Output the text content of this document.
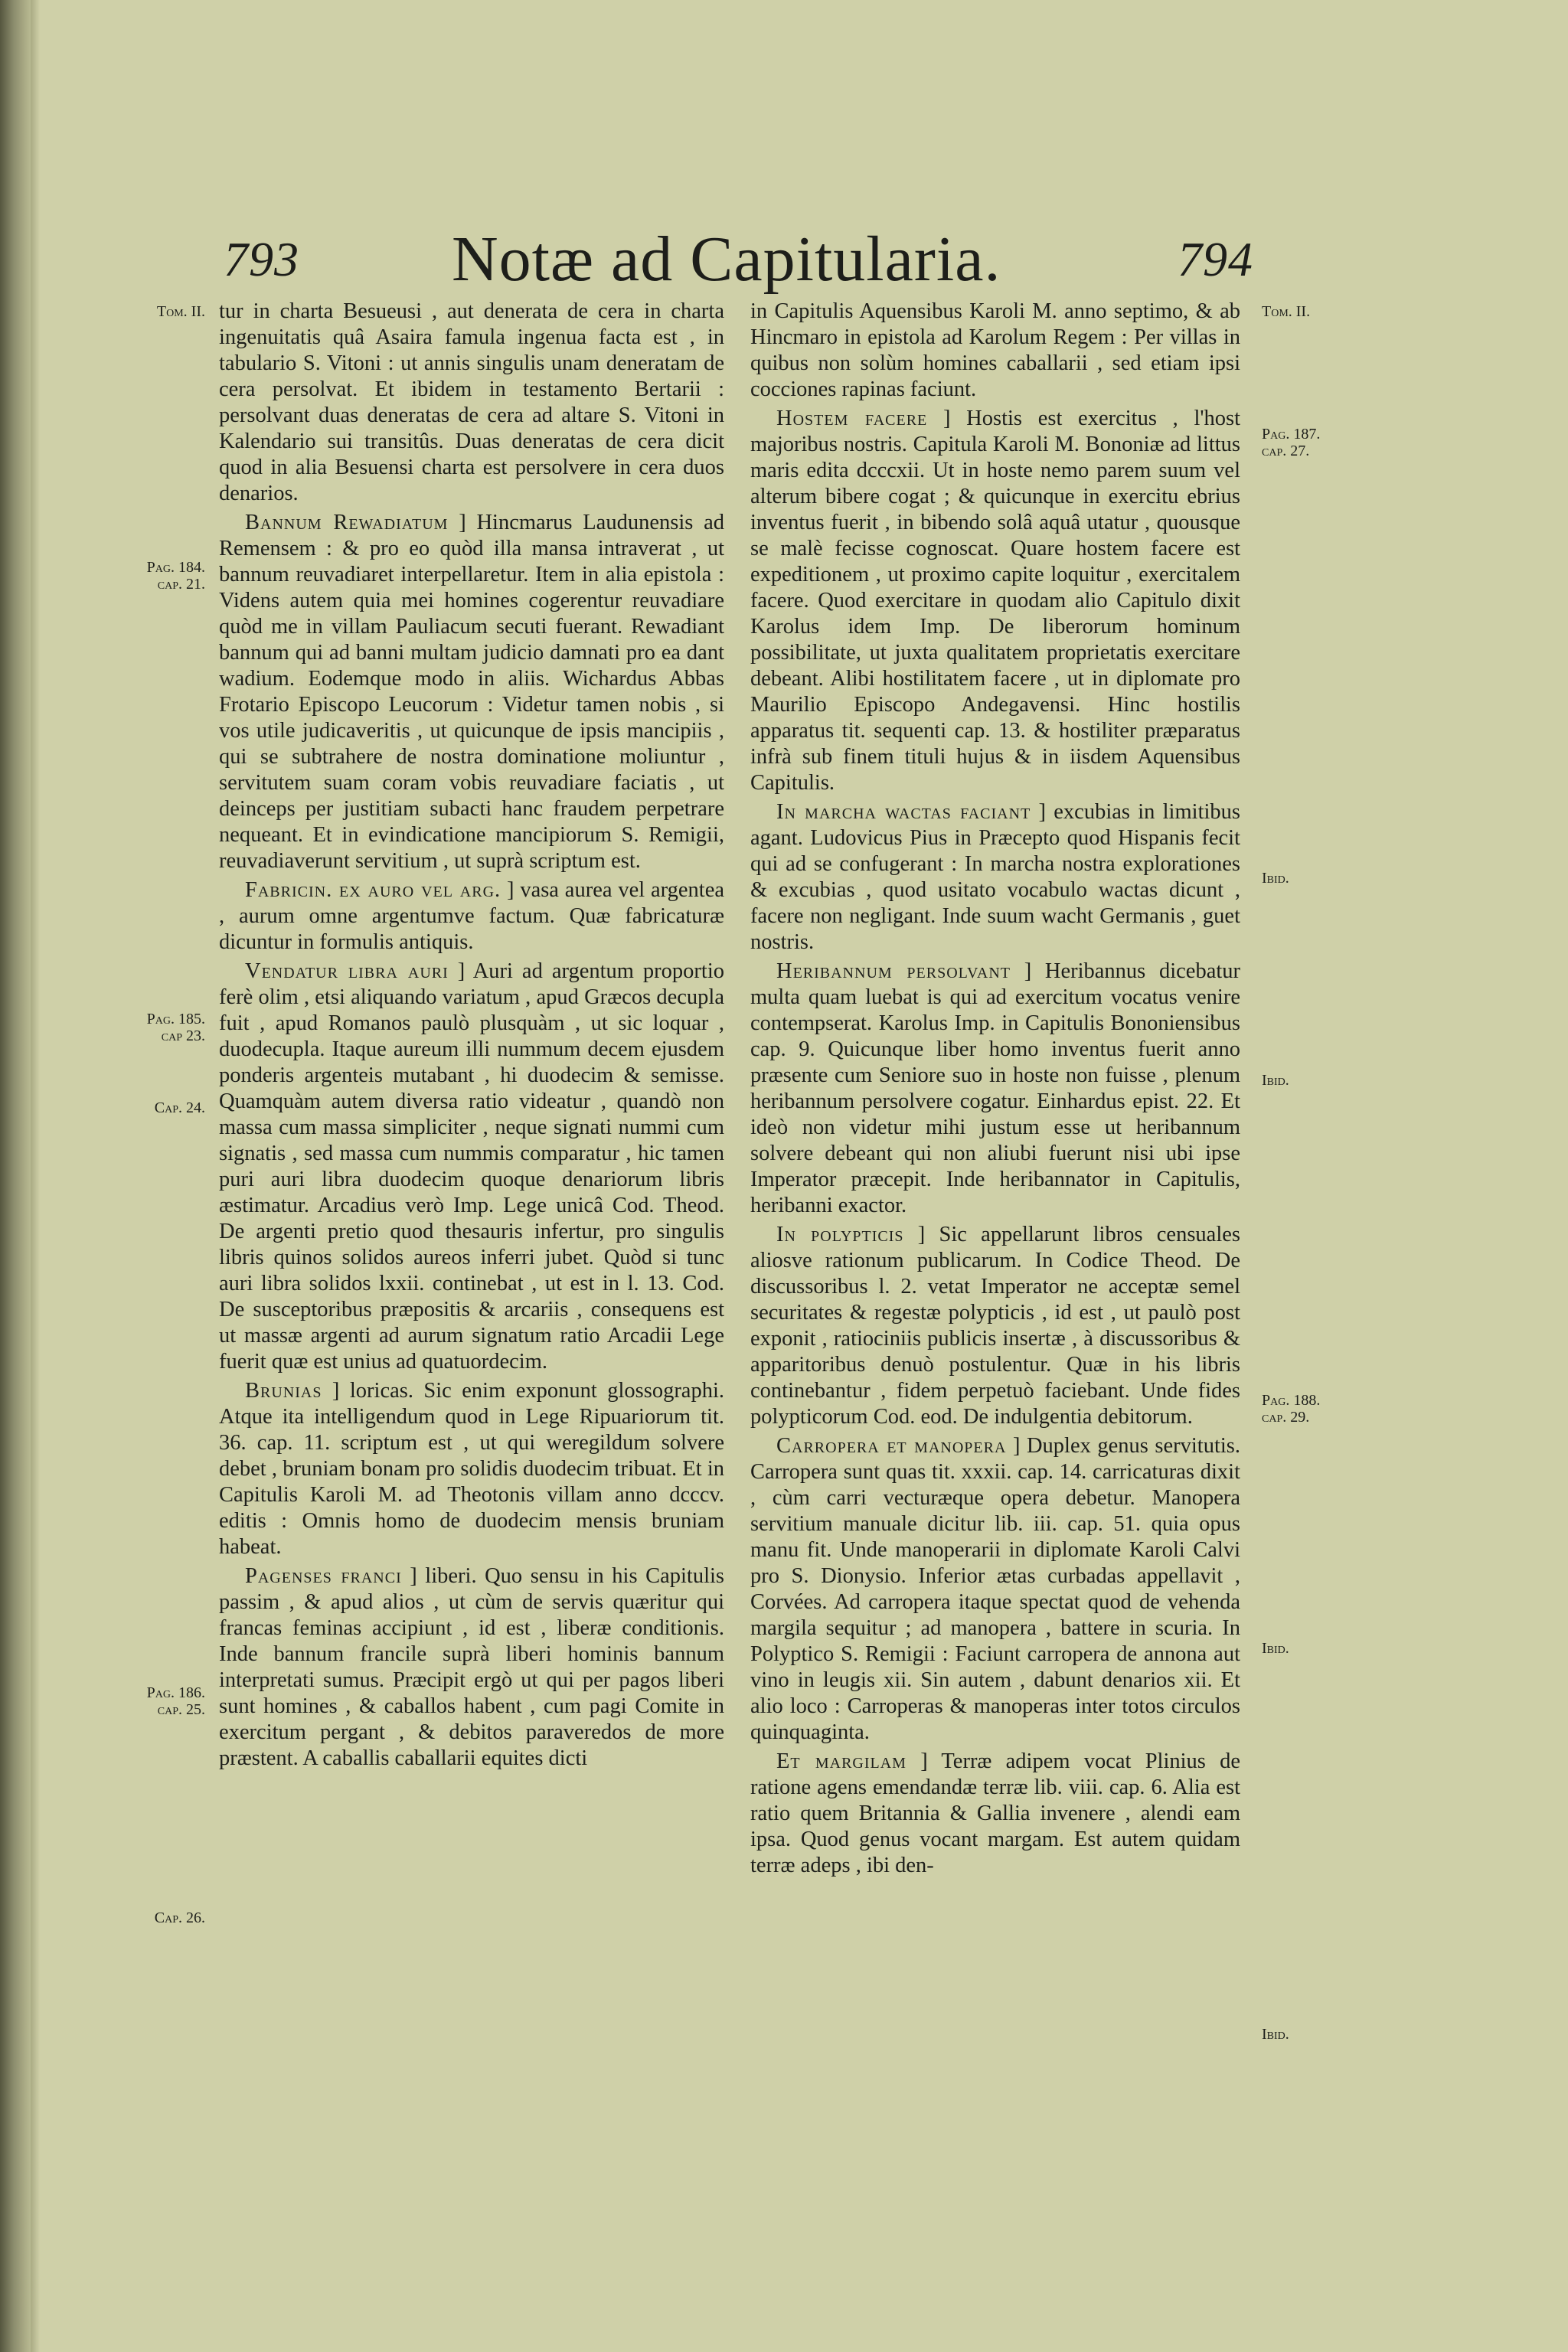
793 Notæ ad Capitularia.	794
Tom. II.
Pag. 184.
cap. 21.
Pag. 185.
cap 23.
Cap. 24.
Pag. 186.
cap. 25.
Cap. 26.
Tom. II.
Pag. 187.
cap. 27.
Ibid.
Ibid.
Pag. 188.
cap. 29.
Ibid.
Ibid.

tur in charta Besueusi , aut denerata de cera in charta ingenuitatis quâ Asaira famula ingenua facta est , in tabulario S. Vitoni : ut annis singulis unam deneratam de cera persolvat. Et ibidem in testamento Bertarii : persolvant duas deneratas de cera ad altare S. Vitoni in Kalendario sui transitûs. Duas deneratas de cera dicit quod in alia Besuensi charta est persolvere in cera duos denarios.

Bannum Rewadiatum ] Hincmarus Laudunensis ad Remensem : & pro eo quòd illa mansa intraverat , ut bannum reuvadiaret interpellaretur. Item in alia epistola : Videns autem quia mei homines cogerentur reuvadiare quòd me in villam Pauliacum secuti fuerant. Rewadiant bannum qui ad banni multam judicio damnati pro ea dant wadium. Eodemque modo in aliis. Wichardus Abbas Frotario Episcopo Leucorum : Videtur tamen nobis , si vos utile judicaveritis , ut quicunque de ipsis mancipiis , qui se subtrahere de nostra dominatione moliuntur , servitutem suam coram vobis reuvadiare faciatis , ut deinceps per justitiam subacti hanc fraudem perpetrare nequeant. Et in evindicatione mancipiorum S. Remigii, reuvadiaverunt servitium , ut suprà scriptum est.

Fabricin. ex auro vel arg. ] vasa aurea vel argentea , aurum omne argentumve factum. Quæ fabricaturæ dicuntur in formulis antiquis.

Vendatur libra auri ] Auri ad argentum proportio ferè olim , etsi aliquando variatum , apud Græcos decupla fuit , apud Romanos paulò plusquàm , ut sic loquar , duodecupla. Itaque aureum illi nummum decem ejusdem ponderis argenteis mutabant , hi duodecim & semisse. Quamquàm autem diversa ratio videatur , quandò non massa cum massa simpliciter , neque signati nummi cum signatis , sed massa cum nummis comparatur , hic tamen puri auri libra duodecim quoque denariorum libris æstimatur. Arcadius verò Imp. Lege unicâ Cod. Theod. De argenti pretio quod thesauris infertur, pro singulis libris quinos solidos aureos inferri jubet. Quòd si tunc auri libra solidos lxxii. continebat , ut est in l. 13. Cod. De susceptoribus præpositis & arcariis , consequens est ut massæ argenti ad aurum signatum ratio Arcadii Lege fuerit quæ est unius ad quatuordecim.

Brunias ] loricas. Sic enim exponunt glossographi. Atque ita intelligendum quod in Lege Ripuariorum tit. 36. cap. 11. scriptum est , ut qui weregildum solvere debet , bruniam bonam pro solidis duodecim tribuat. Et in Capitulis Karoli M. ad Theotonis villam anno dcccv. editis : Omnis homo de duodecim mensis bruniam habeat.

Pagenses franci ] liberi. Quo sensu in his Capitulis passim , & apud alios , ut cùm de servis quæritur qui francas feminas accipiunt , id est , liberæ conditionis. Inde bannum francile suprà liberi hominis bannum interpretati sumus. Præcipit ergò ut qui per pagos liberi sunt homines , & caballos habent , cum pagi Comite in exercitum pergant , & debitos paraveredos de more præstent. A caballis caballarii equites dicti

in Capitulis Aquensibus Karoli M. anno septimo, & ab Hincmaro in epistola ad Karolum Regem : Per villas in quibus non solùm homines caballarii , sed etiam ipsi cocciones rapinas faciunt.

Hostem facere ] Hostis est exercitus , l'host majoribus nostris. Capitula Karoli M. Bononiæ ad littus maris edita dcccxii. Ut in hoste nemo parem suum vel alterum bibere cogat ; & quicunque in exercitu ebrius inventus fuerit , in bibendo solâ aquâ utatur , quousque se malè fecisse cognoscat. Quare hostem facere est expeditionem , ut proximo capite loquitur , exercitalem facere. Quod exercitare in quodam alio Capitulo dixit Karolus idem Imp. De liberorum hominum possibilitate, ut juxta qualitatem proprietatis exercitare debeant. Alibi hostilitatem facere , ut in diplomate pro Maurilio Episcopo Andegavensi. Hinc hostilis apparatus tit. sequenti cap. 13. & hostiliter præparatus infrà sub finem tituli hujus & in iisdem Aquensibus Capitulis.

In marcha wactas faciant ] excubias in limitibus agant. Ludovicus Pius in Præcepto quod Hispanis fecit qui ad se confugerant : In marcha nostra explorationes & excubias , quod usitato vocabulo wactas dicunt , facere non negligant. Inde suum wacht Germanis , guet nostris.

Heribannum persolvant ] Heribannus dicebatur multa quam luebat is qui ad exercitum vocatus venire contempserat. Karolus Imp. in Capitulis Bononiensibus cap. 9. Quicunque liber homo inventus fuerit anno præsente cum Seniore suo in hoste non fuisse , plenum heribannum persolvere cogatur. Einhardus epist. 22. Et ideò non videtur mihi justum esse ut heribannum solvere debeant qui non aliubi fuerunt nisi ubi ipse Imperator præcepit. Inde heribannator in Capitulis, heribanni exactor.

In polypticis ] Sic appellarunt libros censuales aliosve rationum publicarum. In Codice Theod. De discussoribus l. 2. vetat Imperator ne acceptæ semel securitates & regestæ polypticis , id est , ut paulò post exponit , ratiociniis publicis insertæ , à discussoribus & apparitoribus denuò postulentur. Quæ in his libris continebantur , fidem perpetuò faciebant. Unde fides polypticorum Cod. eod. De indulgentia debitorum.

Carropera et manopera ] Duplex genus servitutis. Carropera sunt quas tit. xxxii. cap. 14. carricaturas dixit , cùm carri vecturæque opera debetur. Manopera servitium manuale dicitur lib. iii. cap. 51. quia opus manu fit. Unde manoperarii in diplomate Karoli Calvi pro S. Dionysio. Inferior ætas curbadas appellavit , Corvées. Ad carropera itaque spectat quod de vehenda margila sequitur ; ad manopera , battere in scuria. In Polyptico S. Remigii : Faciunt carropera de annona aut vino in leugis xii. Sin autem , dabunt denarios xii. Et alio loco : Carroperas & manoperas inter totos circulos quinquaginta.

Et margilam ] Terræ adipem vocat Plinius de ratione agens emendandæ terræ lib. viii. cap. 6. Alia est ratio quem Britannia & Gallia invenere , alendi eam ipsa. Quod genus vocant margam. Est autem quidam terræ adeps , ibi den-
